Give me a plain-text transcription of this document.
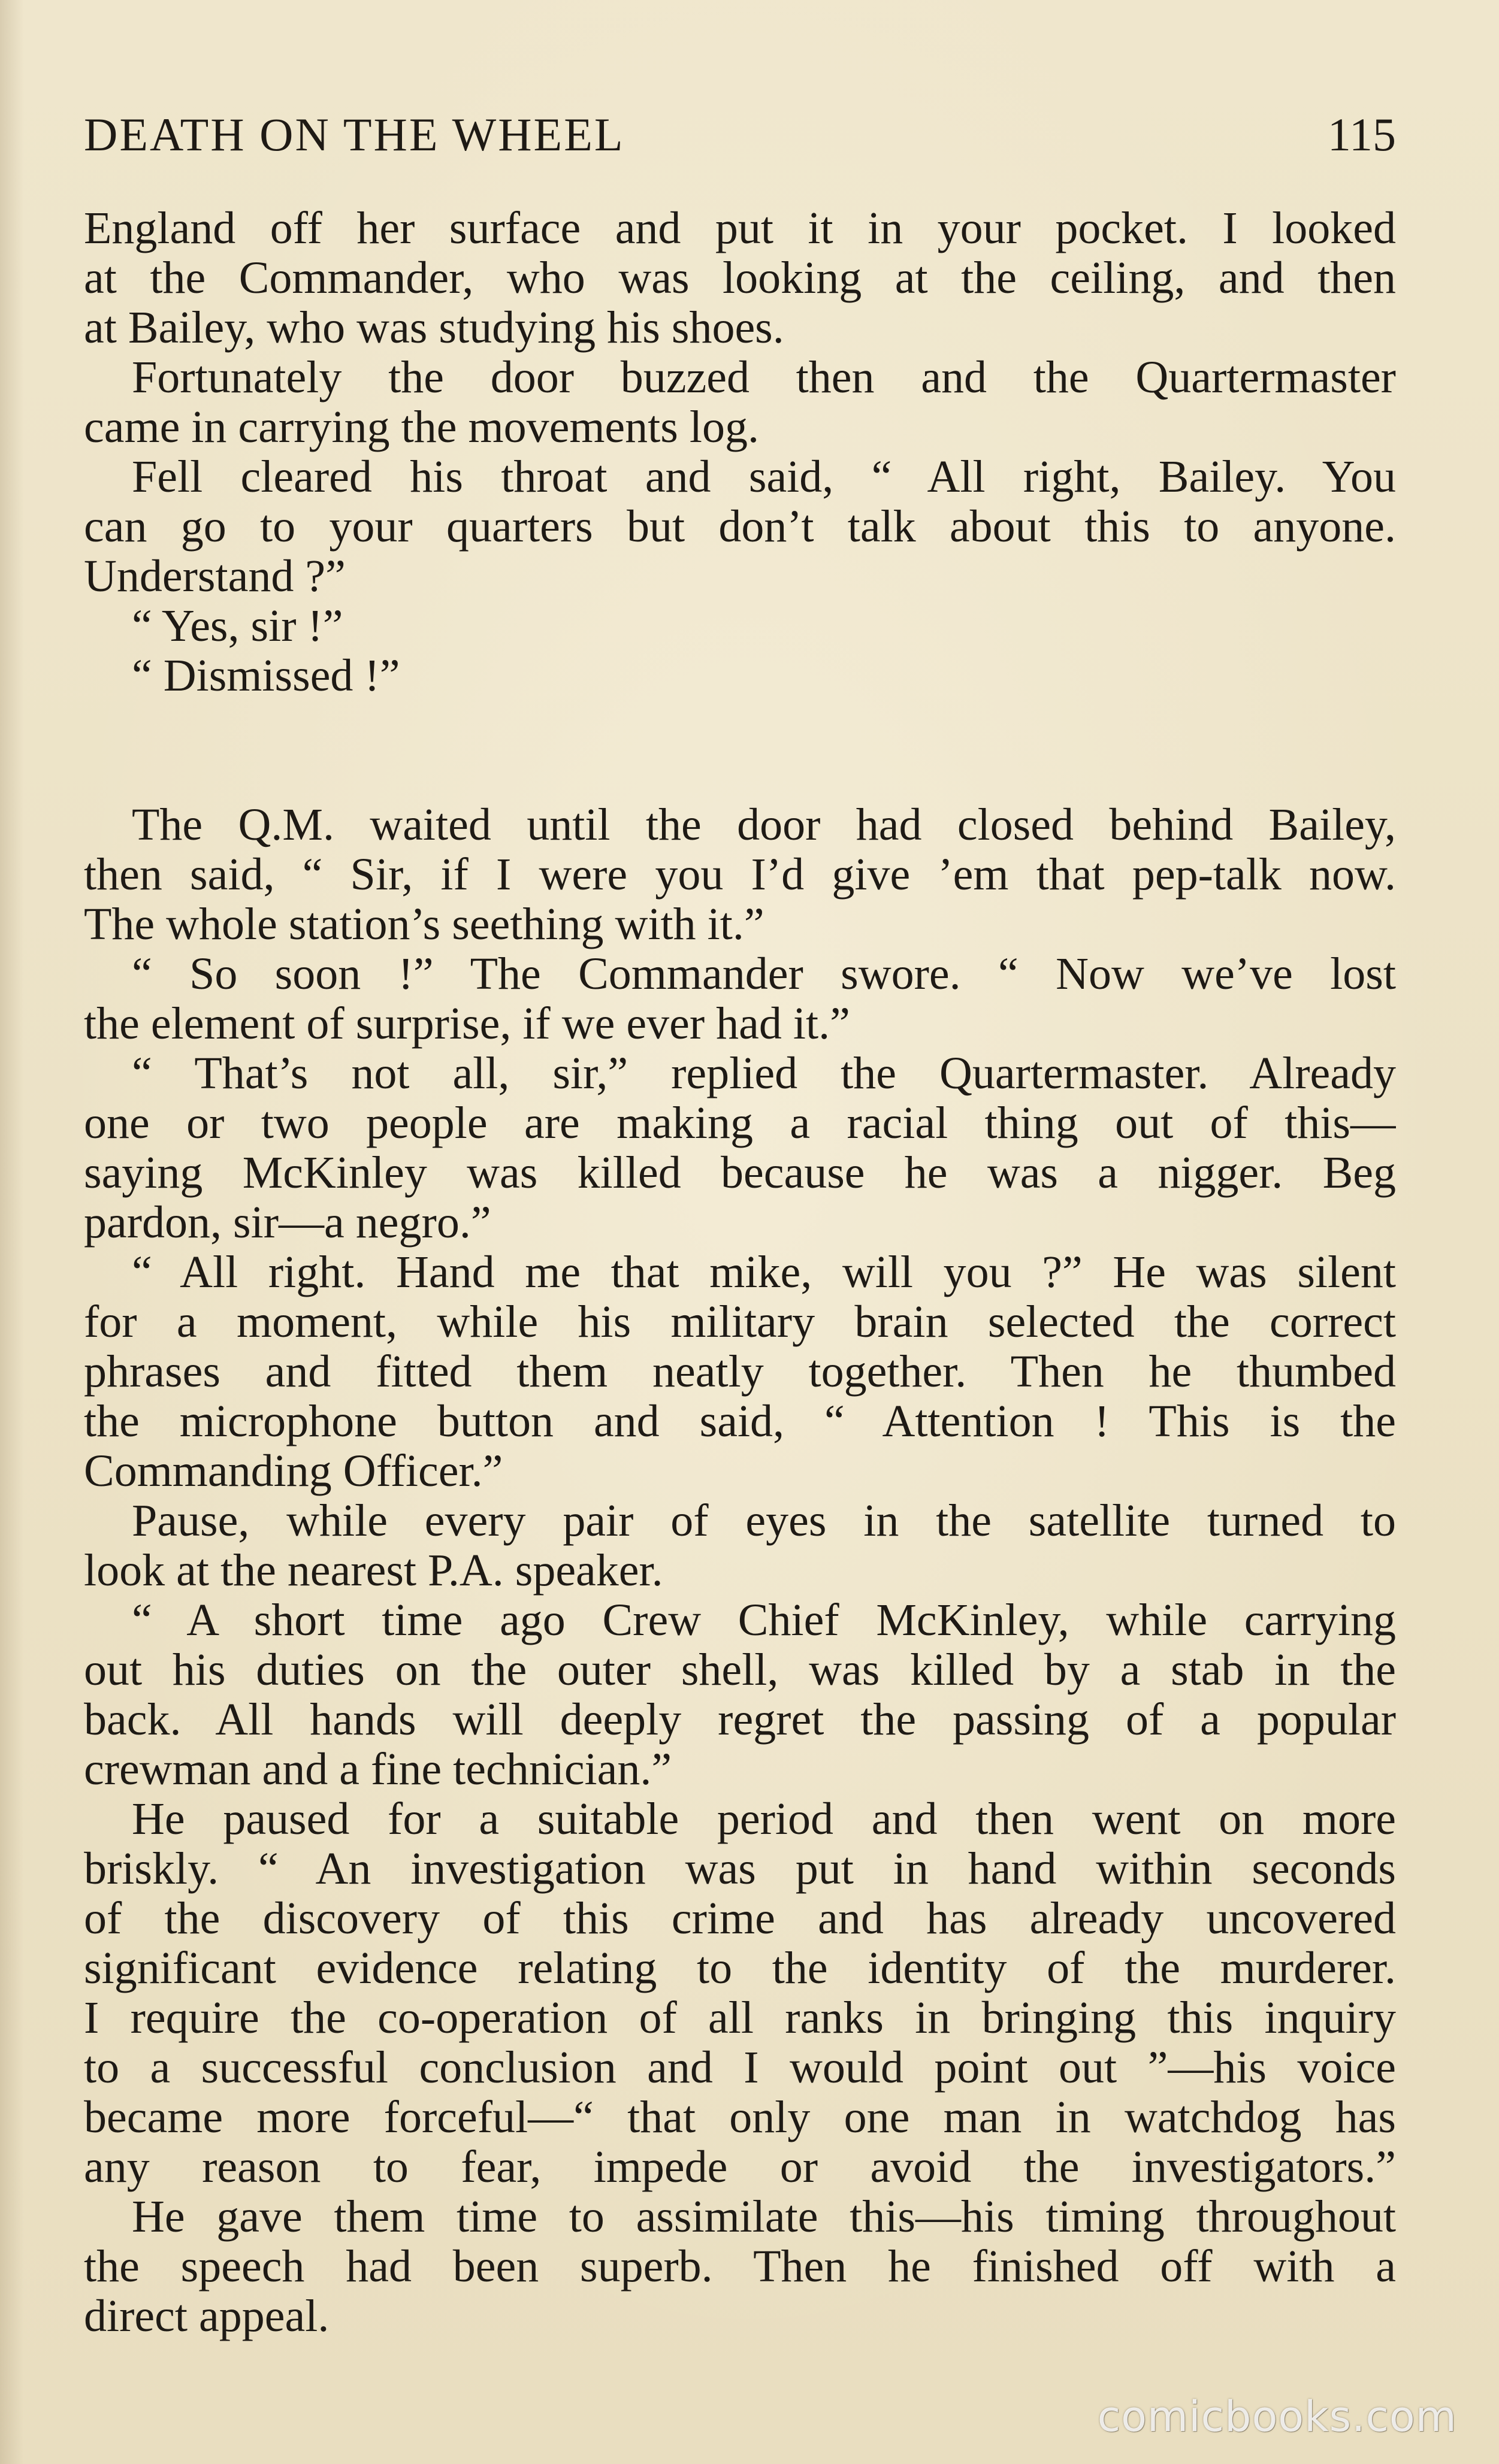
DEATH ON THE WHEEL	115
England off her surface and put it in your pocket. I looked
at the Commander, who was looking at the ceiling, and then
at Bailey, who was studying his shoes.
Fortunately the door buzzed then and the Quartermaster
came in carrying the movements log.
Fell cleared his throat and said, “ All right, Bailey. You
can go to your quarters but don’t talk about this to anyone.
Understand ?”
“ Yes, sir !”
“ Dismissed !”
The Q.M. waited until the door had closed behind Bailey,
then said, “ Sir, if I were you I’d give ’em that pep-talk now.
The whole station’s seething with it.”
“ So soon !” The Commander swore. “ Now we’ve lost
the element of surprise, if we ever had it.”
“ That’s not all, sir,” replied the Quartermaster. Already
one or two people are making a racial thing out of this—
saying McKinley was killed because he was a nigger. Beg
pardon, sir—a negro.”
“ All right. Hand me that mike, will you ?” He was silent
for a moment, while his military brain selected the correct
phrases and fitted them neatly together. Then he thumbed
the microphone button and said, “ Attention ! This is the
Commanding Officer.”
Pause, while every pair of eyes in the satellite turned to
look at the nearest P.A. speaker.
“ A short time ago Crew Chief McKinley, while carrying
out his duties on the outer shell, was killed by a stab in the
back. All hands will deeply regret the passing of a popular
crewman and a fine technician.”
He paused for a suitable period and then went on more
briskly. “ An investigation was put in hand within seconds
of the discovery of this crime and has already uncovered
significant evidence relating to the identity of the murderer.
I require the co-operation of all ranks in bringing this inquiry
to a successful conclusion and I would point out ”—his voice
became more forceful—“ that only one man in watchdog has
any reason to fear, impede or avoid the investigators.”
He gave them time to assimilate this—his timing throughout
the speech had been superb. Then he finished off with a
direct appeal.
comicbooks.com
